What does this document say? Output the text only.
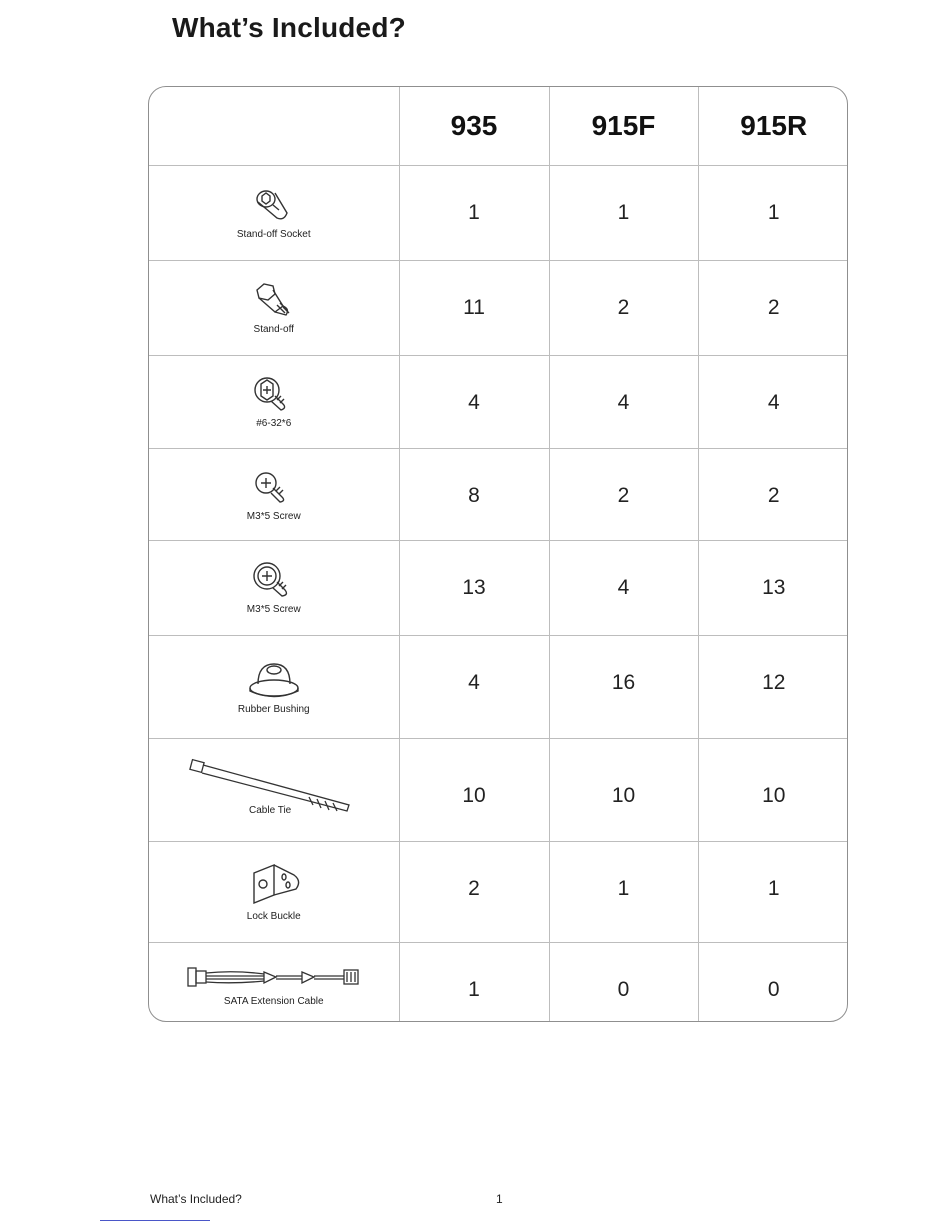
What’s Included?
	935	915F	915R

Stand-off Socket	1	1	1

Stand-off	11	2	2

#6-32*6	4	4	4

M3*5 Screw	8	2	2

M3*5 Screw	13	4	13

Rubber Bushing	4	16	12

Cable Tie	10	10	10

Lock Buckle	2	1	1

SATA Extension Cable	1	0	0
What’s Included?	1
